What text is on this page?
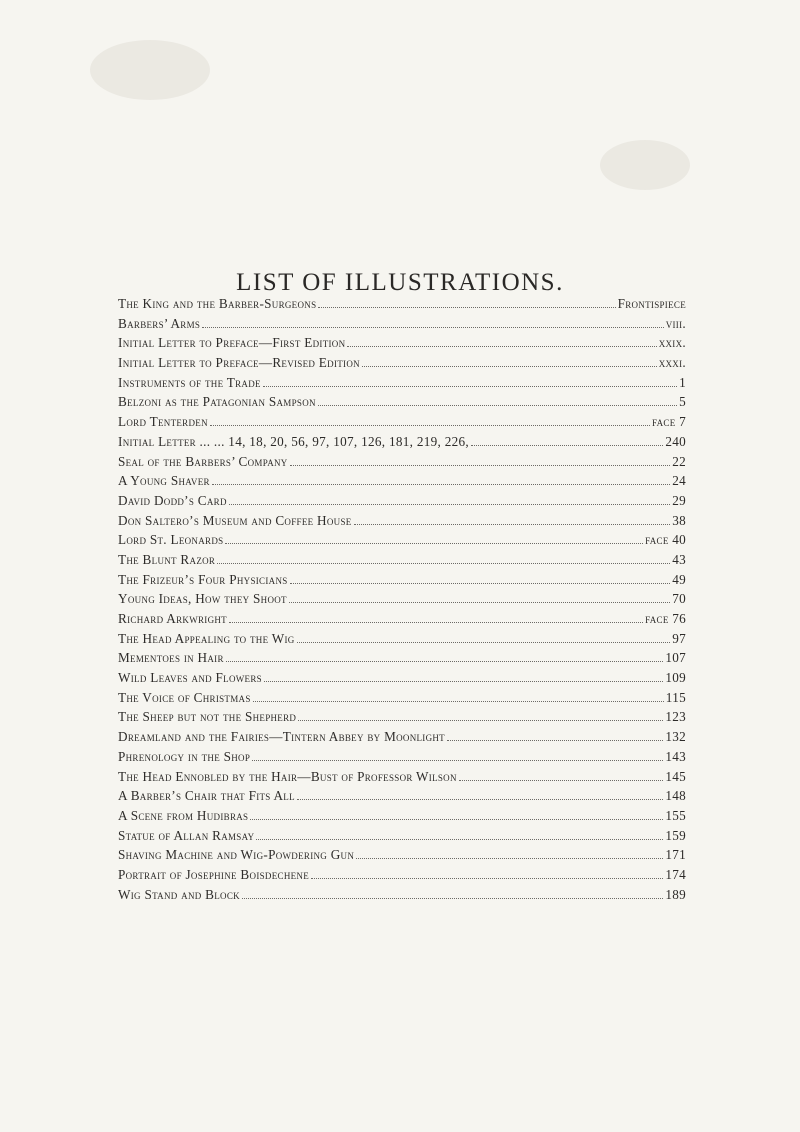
LIST OF ILLUSTRATIONS.
The King and the Barber-Surgeons	Frontispiece
Barbers’ Arms	viii.
Initial Letter to Preface—First Edition	xxix.
Initial Letter to Preface—Revised Edition	xxxi.
Instruments of the Trade	1
Belzoni as the Patagonian Sampson	5
Lord Tenterden	face 7
Initial Letter ... ... 14, 18, 20, 56, 97, 107, 126, 181, 219, 226,	240
Seal of the Barbers’ Company	22
A Young Shaver	24
David Dodd’s Card	29
Don Saltero’s Museum and Coffee House	38
Lord St. Leonards	face 40
The Blunt Razor	43
The Frizeur’s Four Physicians	49
Young Ideas, How they Shoot	70
Richard Arkwright	face 76
The Head Appealing to the Wig	97
Mementoes in Hair	107
Wild Leaves and Flowers	109
The Voice of Christmas	115
The Sheep but not the Shepherd	123
Dreamland and the Fairies—Tintern Abbey by Moonlight	132
Phrenology in the Shop	143
The Head Ennobled by the Hair—Bust of Professor Wilson	145
A Barber’s Chair that Fits All	148
A Scene from Hudibras	155
Statue of Allan Ramsay	159
Shaving Machine and Wig-Powdering Gun	171
Portrait of Josephine Boisdechene	174
Wig Stand and Block	189
